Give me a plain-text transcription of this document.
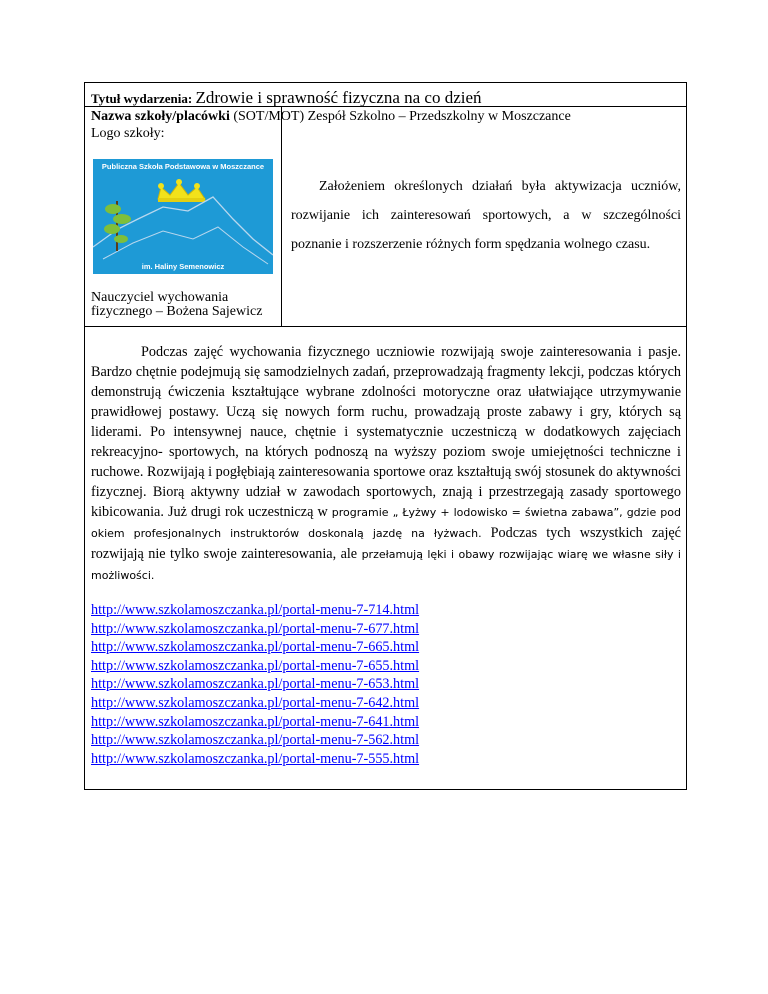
Tytuł wydarzenia: Zdrowie i sprawność fizyczna na co dzień
Nazwa szkoły/placówki (SOT/MOT) Zespół Szkolno – Przedszkolny w Moszczance
Logo szkoły:
Publiczna Szkoła Podstawowa w Moszczance
im. Haliny Semenowicz
Nauczyciel wychowania
fizycznego – Bożena Sajewicz
Założeniem określonych działań była aktywizacja uczniów, rozwijanie ich zainteresowań sportowych, a w szczególności poznanie i rozszerzenie różnych form spędzania wolnego czasu.
Podczas zajęć wychowania fizycznego uczniowie rozwijają swoje zainteresowania i pasje. Bardzo chętnie podejmują się samodzielnych zadań, przeprowadzają fragmenty lekcji, podczas których demonstrują ćwiczenia kształtujące wybrane zdolności motoryczne oraz ułatwiające utrzymywanie prawidłowej postawy. Uczą się nowych form ruchu, prowadzają proste zabawy i gry, których są liderami. Po intensywnej nauce, chętnie i systematycznie uczestniczą w dodatkowych zajęciach rekreacyjno- sportowych, na których podnoszą na wyższy poziom swoje umiejętności techniczne i ruchowe. Rozwijają i pogłębiają zainteresowania sportowe oraz kształtują swój stosunek do aktywności fizycznej. Biorą aktywny udział w zawodach sportowych, znają i przestrzegają zasady sportowego kibicowania. Już drugi rok uczestniczą w programie „ Łyżwy + lodowisko = świetna zabawa”, gdzie pod okiem profesjonalnych instruktorów doskonalą jazdę na łyżwach. Podczas tych wszystkich zajęć rozwijają nie tylko swoje zainteresowania, ale przełamują lęki i obawy rozwijając wiarę we własne siły i możliwości.
http://www.szkolamoszczanka.pl/portal-menu-7-714.html
http://www.szkolamoszczanka.pl/portal-menu-7-677.html
http://www.szkolamoszczanka.pl/portal-menu-7-665.html
http://www.szkolamoszczanka.pl/portal-menu-7-655.html
http://www.szkolamoszczanka.pl/portal-menu-7-653.html
http://www.szkolamoszczanka.pl/portal-menu-7-642.html
http://www.szkolamoszczanka.pl/portal-menu-7-641.html
http://www.szkolamoszczanka.pl/portal-menu-7-562.html
http://www.szkolamoszczanka.pl/portal-menu-7-555.html
